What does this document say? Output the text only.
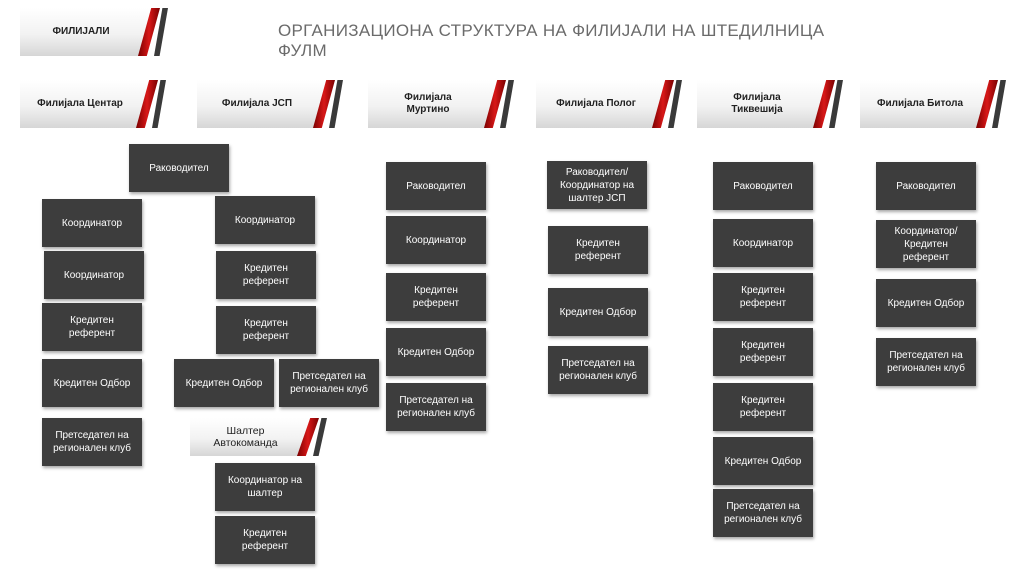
ОРГАНИЗАЦИОНА СТРУКТУРА НА ФИЛИЈАЛИ НА ШТЕДИЛНИЦА ФУЛМ
ФИЛИЈАЛИ
Филијала Центар	Филијала ЈСП
Филијала Муртино
Филијала Полог
Филијала Тиквешија
Филијала Битола
Раководител
Координатор
Координатор
Кредитен референт
Кредитен Одбор
Претседател на регионален клуб
Координатор
Кредитен референт
Кредитен референт
Кредитен Одбор
Претседател на регионален клуб
Шалтер Автокоманда
Координатор на шалтер
Кредитен референт
Раководител
Координатор
Кредитен референт
Кредитен Одбор
Претседател на регионален клуб
Раководител/Координатор на шалтер ЈСП
Кредитен референт
Кредитен Одбор
Претседател на регионален клуб
Раководител
Координатор
Кредитен референт
Кредитен референт
Кредитен референт
Кредитен Одбор
Претседател на регионален клуб
Раководител
Координатор/ Кредитен референт
Кредитен Одбор
Претседател на регионален клуб
